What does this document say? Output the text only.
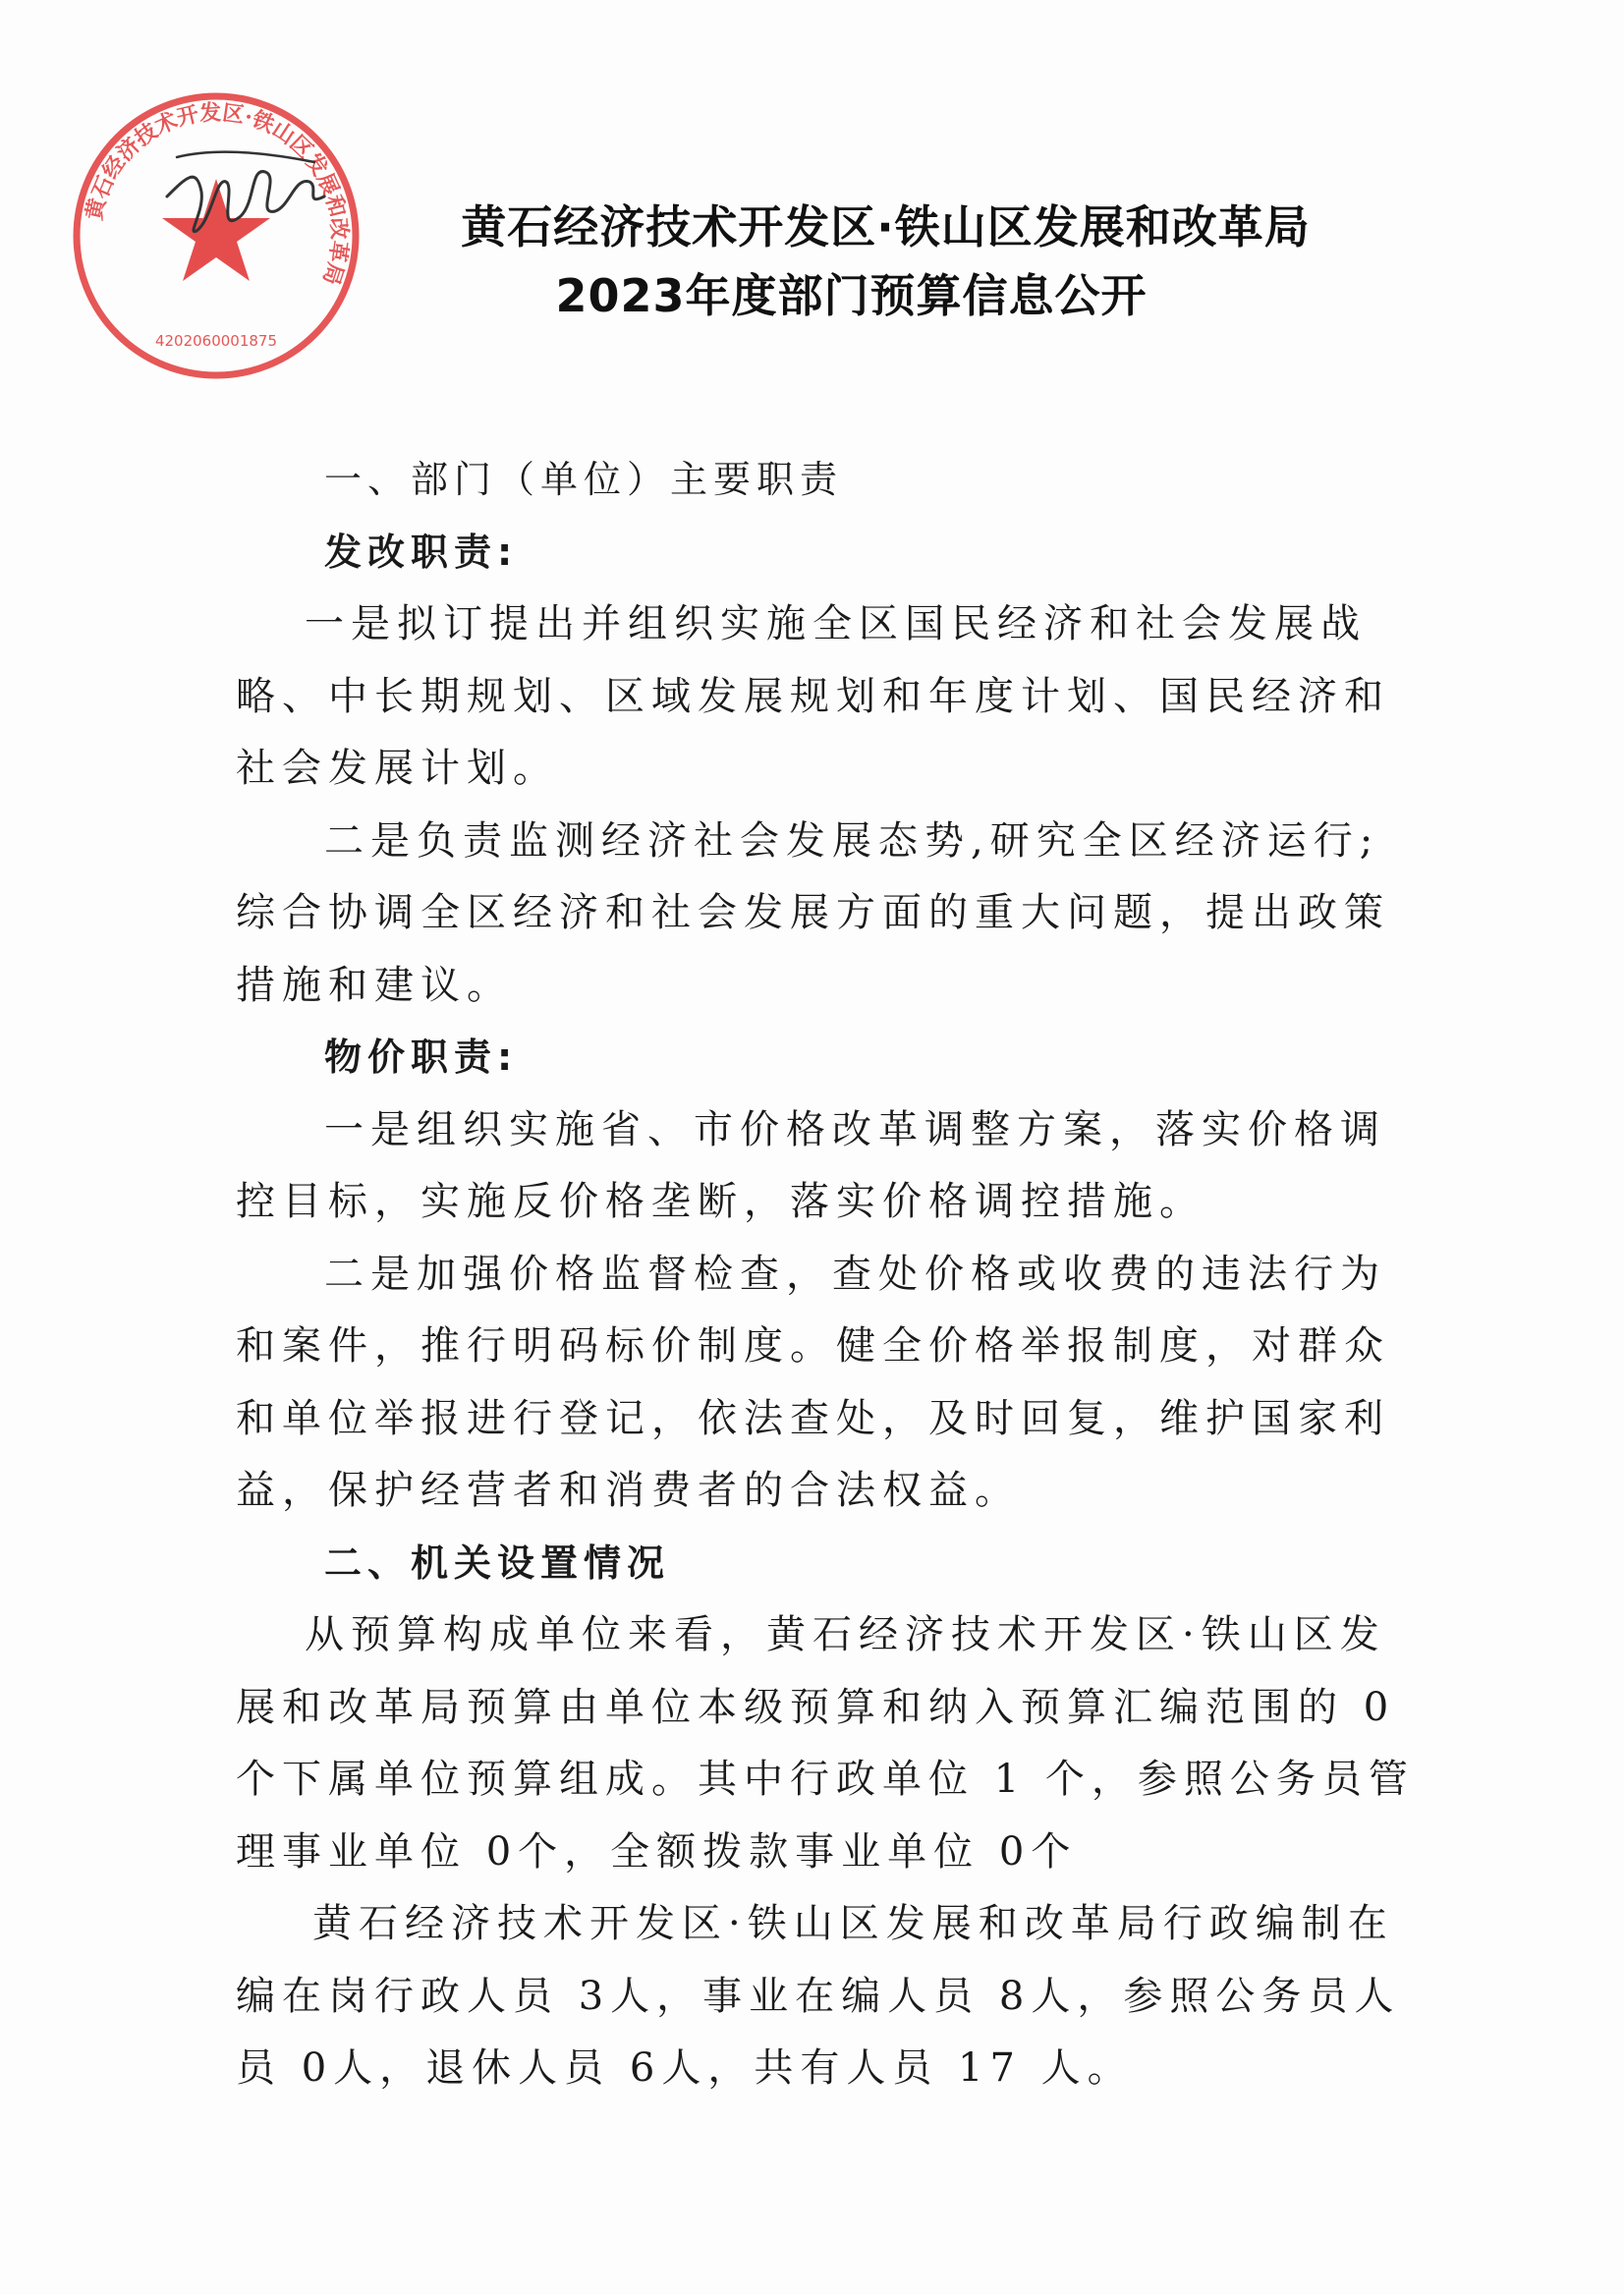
黄石经济技术开发区·铁山区发展和改革局
4202060001875
黄石经济技术开发区·铁山区发展和改革局
2023年度部门预算信息公开
一、部门（单位）主要职责
发改职责:
一是拟订提出并组织实施全区国民经济和社会发展战
略、中长期规划、区域发展规划和年度计划、国民经济和
社会发展计划。
二是负责监测经济社会发展态势,研究全区经济运行;
综合协调全区经济和社会发展方面的重大问题，提出政策
措施和建议。
物价职责:
一是组织实施省、市价格改革调整方案，落实价格调
控目标，实施反价格垄断，落实价格调控措施。
二是加强价格监督检查，查处价格或收费的违法行为
和案件，推行明码标价制度。健全价格举报制度，对群众
和单位举报进行登记，依法查处，及时回复，维护国家利
益，保护经营者和消费者的合法权益。
二、机关设置情况
从预算构成单位来看，黄石经济技术开发区·铁山区发
展和改革局预算由单位本级预算和纳入预算汇编范围的 0
个下属单位预算组成。其中行政单位 1 个，参照公务员管
理事业单位 0个，全额拨款事业单位 0个
黄石经济技术开发区·铁山区发展和改革局行政编制在
编在岗行政人员 3人，事业在编人员 8人，参照公务员人
员 0人，退休人员 6人，共有人员 17 人。
